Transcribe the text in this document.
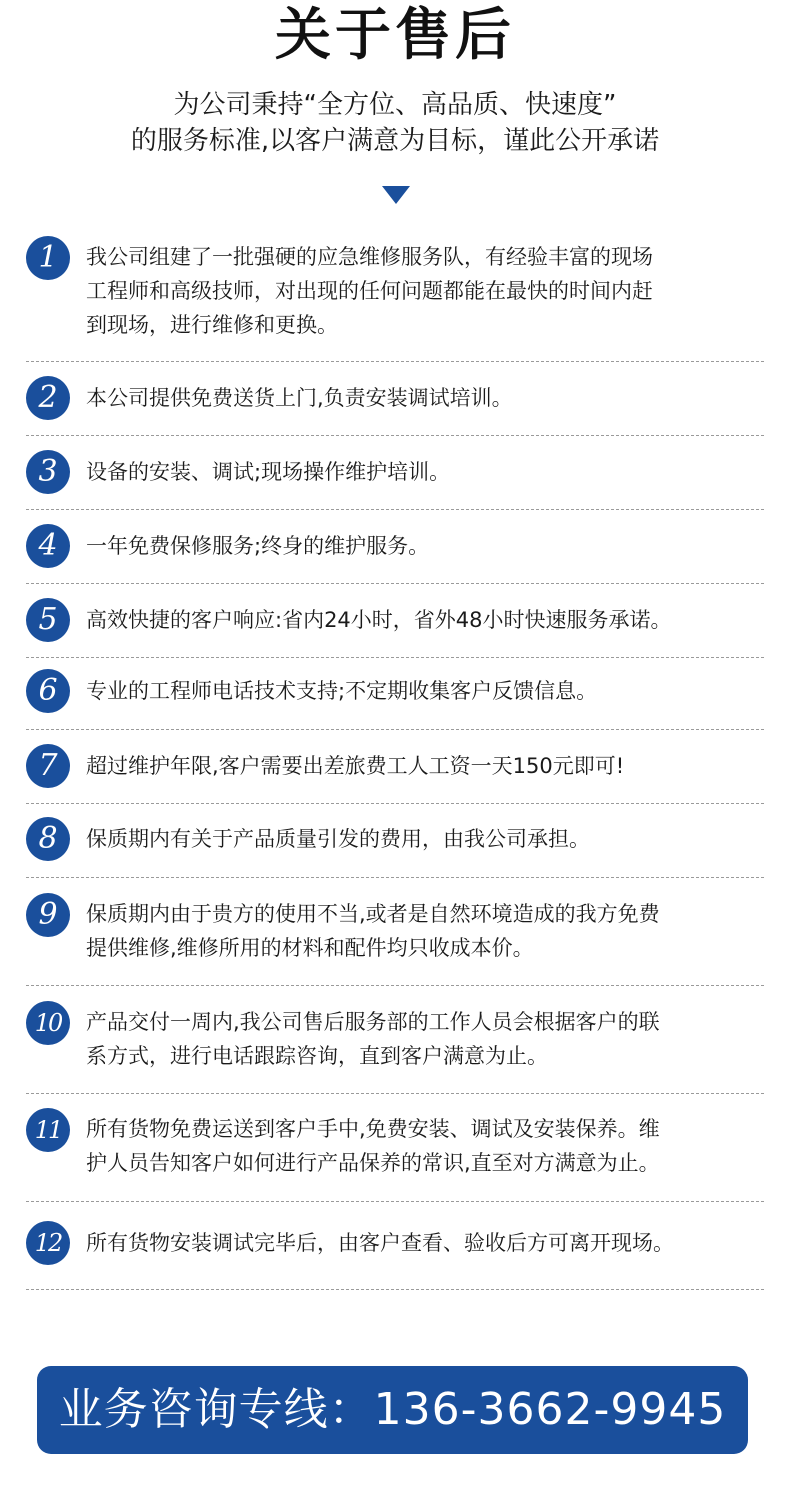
关于售后
为公司秉持“全方位、高品质、快速度”
的服务标准,以客户满意为目标，谨此公开承诺
1	我公司组建了一批强硬的应急维修服务队，有经验丰富的现场
工程师和高级技师，对出现的任何问题都能在最快的时间内赶
到现场，进行维修和更换。
2	本公司提供免费送货上门,负责安装调试培训。
3	设备的安装、调试;现场操作维护培训。
4	一年免费保修服务;终身的维护服务。
5	高效快捷的客户响应:省内24小时，省外48小时快速服务承诺。
6	专业的工程师电话技术支持;不定期收集客户反馈信息。
7	超过维护年限,客户需要出差旅费工人工资一天150元即可!
8	保质期内有关于产品质量引发的费用，由我公司承担。
9	保质期内由于贵方的使用不当,或者是自然环境造成的我方免费
提供维修,维修所用的材料和配件均只收成本价。
10	产品交付一周内,我公司售后服务部的工作人员会根据客户的联
系方式，进行电话跟踪咨询，直到客户满意为止。
11	所有货物免费运送到客户手中,免费安装、调试及安装保养。维
护人员告知客户如何进行产品保养的常识,直至对方满意为止。
12	所有货物安装调试完毕后，由客户查看、验收后方可离开现场。
业务咨询专线：136-3662-9945
